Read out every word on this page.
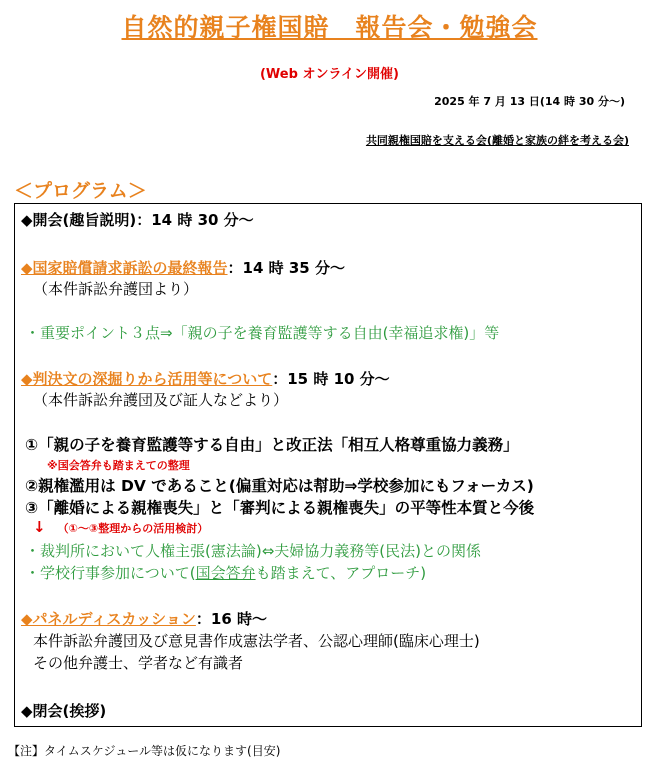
自然的親子権国賠　報告会・勉強会
(Web オンライン開催)
2025 年 7 月 13 日(14 時 30 分〜)
共同親権国賠を支える会(離婚と家族の絆を考える会)
＜プログラム＞
◆開会(趣旨説明)：14 時 30 分〜
◆国家賠償請求訴訟の最終報告：14 時 35 分〜
（本件訴訟弁護団より）
・重要ポイント３点⇒「親の子を養育監護等する自由(幸福追求権)」等
◆判決文の深掘りから活用等について：15 時 10 分〜
（本件訴訟弁護団及び証人などより）
①「親の子を養育監護等する自由」と改正法「相互人格尊重協力義務」
※国会答弁も踏まえての整理
②親権濫用は DV であること(偏重対応は幇助⇒学校参加にもフォーカス)
③「離婚による親権喪失」と「審判による親権喪失」の平等性本質と今後
↓ （①〜③整理からの活用検討）
・裁判所において人権主張(憲法論)⇔夫婦協力義務等(民法)との関係
・学校行事参加について(国会答弁も踏まえて、アプローチ)
◆パネルディスカッション：16 時〜
本件訴訟弁護団及び意見書作成憲法学者、公認心理師(臨床心理士)
その他弁護士、学者など有識者
◆閉会(挨拶)
【注】タイムスケジュール等は仮になります(目安)
